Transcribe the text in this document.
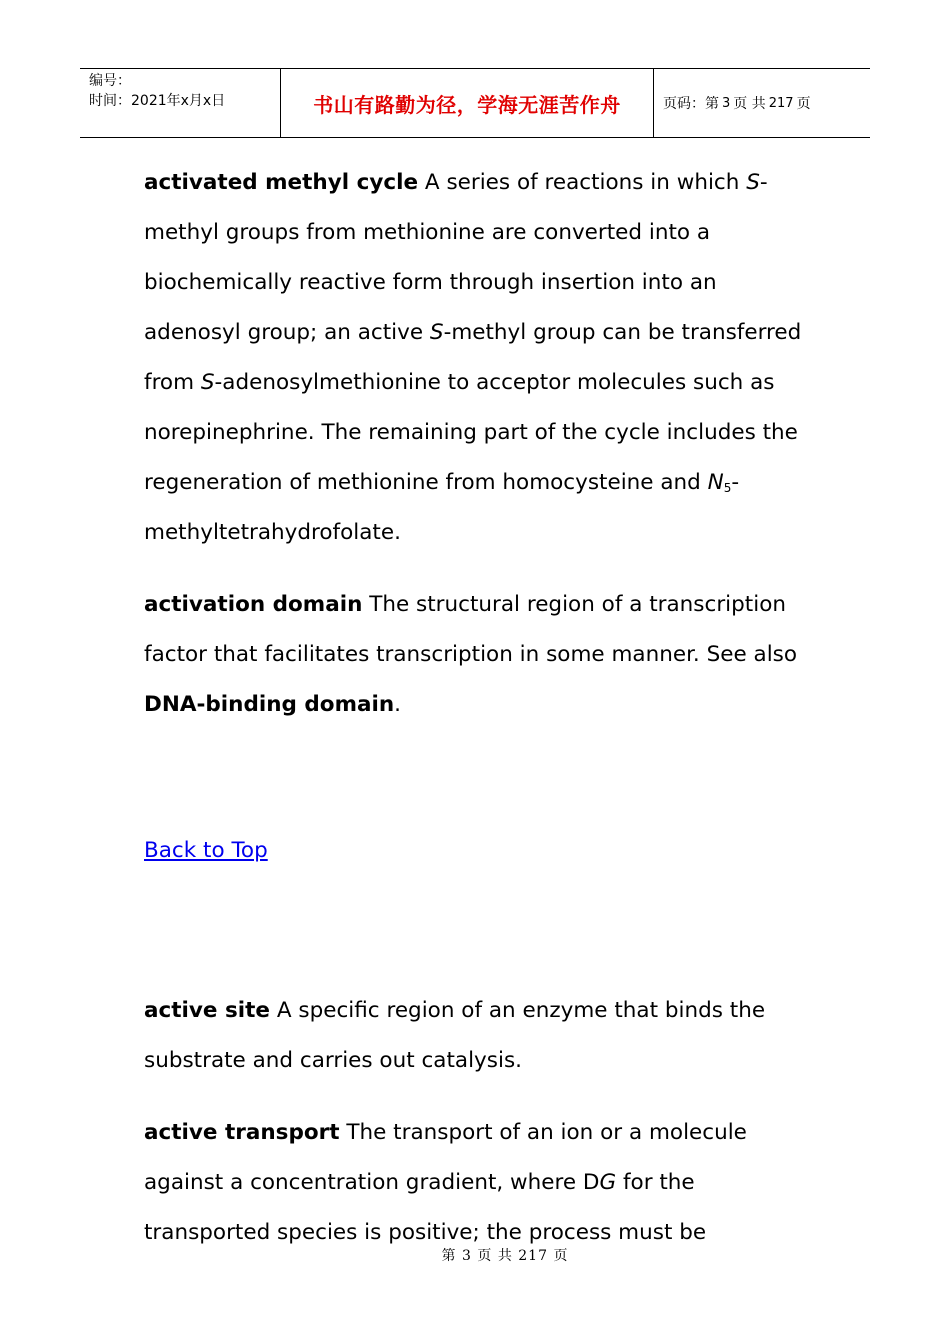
编号：
时间：2021年x月x日	书山有路勤为径，学海无涯苦作舟	页码：第 3 页 共 217 页

activated methyl cycle A series of reactions in which S-methyl groups from methionine are converted into a biochemically reactive form through insertion into an adenosyl group; an active S-methyl group can be transferred from S-adenosylmethionine to acceptor molecules such as norepinephrine. The remaining part of the cycle includes the regeneration of methionine from homocysteine and $N_5-$ methyltetrahydrofolate.

activation domain The structural region of a transcription factor that facilitates transcription in some manner. See also DNA-binding domain.

Back to Top

active site A specific region of an enzyme that binds the substrate and carries out catalysis.

active transport The transport of an ion or a molecule against a concentration gradient, where DG for the transported species is positive; the process must be

第 3 页 共 217 页
